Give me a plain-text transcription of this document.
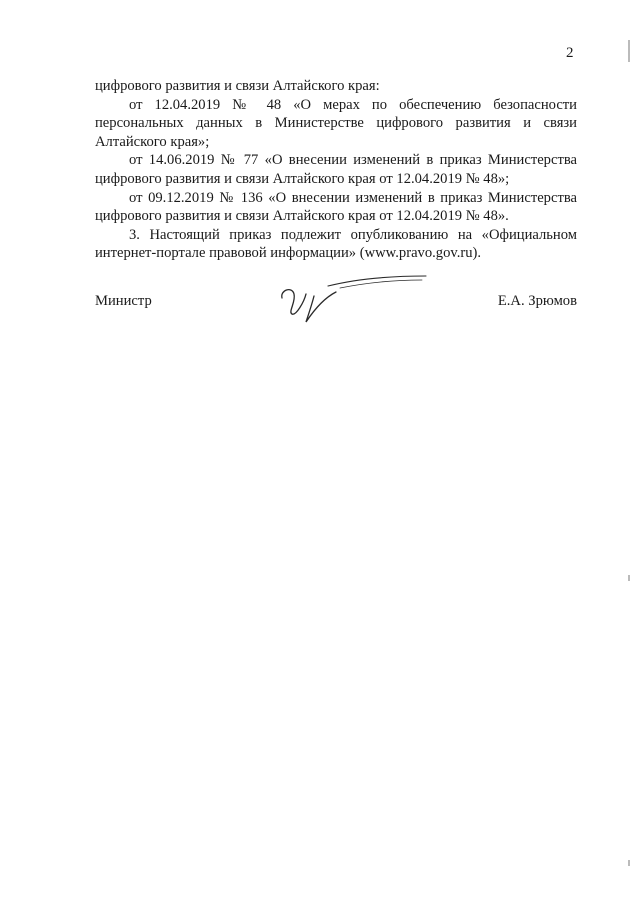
2

цифрового развития и связи Алтайского края:

от 12.04.2019 № 48 «О мерах по обеспечению безопасности персональных данных в Министерстве цифрового развития и связи Алтайского края»;

от 14.06.2019 № 77 «О внесении изменений в приказ Министерства цифрового развития и связи Алтайского края от 12.04.2019 № 48»;

от 09.12.2019 № 136 «О внесении изменений в приказ Министерства цифрового развития и связи Алтайского края от 12.04.2019 № 48».

3. Настоящий приказ подлежит опубликованию на «Официальном интернет-портале правовой информации» (www.pravo.gov.ru).

Министр	Е.А. Зрюмов
